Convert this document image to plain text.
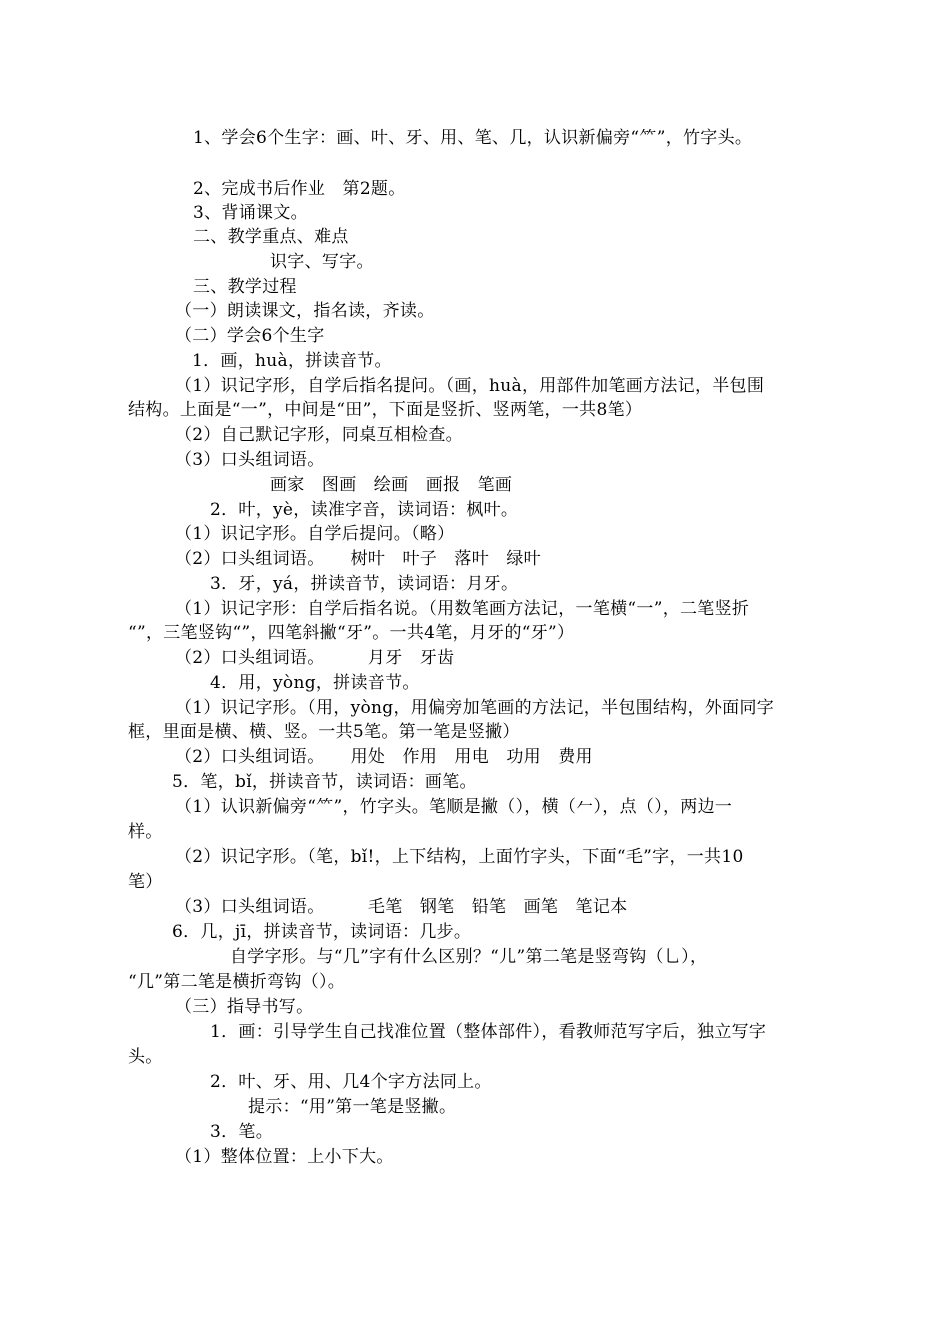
1、学会6个生字：画、叶、牙、用、笔、几，认识新偏旁“⺮”，竹字头。
2、完成书后作业　第2题。
3、背诵课文。
二、教学重点、难点
识字、写字。
三、教学过程
（一）朗读课文，指名读，齐读。
（二）学会6个生字
1．画，huà，拼读音节。
（1）识记字形，自学后指名提问。（画，huà，用部件加笔画方法记，半包围
结构。上面是“一”，中间是“田”，下面是竖折、竖两笔，一共8笔）
（2）自己默记字形，同桌互相检查。
（3）口头组词语。
画家　图画　绘画　画报　笔画
2．叶，yè，读准字音，读词语：枫叶。
（1）识记字形。自学后提问。（略）
（2）口头组词语。　　树叶　叶子　落叶　绿叶
3．牙，yá，拼读音节，读词语：月牙。
（1）识记字形：自学后指名说。（用数笔画方法记，一笔横“一”，二笔竖折
“”，三笔竖钩“”，四笔斜撇“牙”。一共4笔，月牙的“牙”）
（2）口头组词语。　　　月牙　牙齿
4．用，yòng，拼读音节。
（1）识记字形。（用，yòng，用偏旁加笔画的方法记，半包围结构，外面同字
框，里面是横、横、竖。一共5笔。第一笔是竖撇）
（2）口头组词语。　　用处　作用　用电　功用　费用
5．笔，bǐ，拼读音节，读词语：画笔。
（1）认识新偏旁“⺮”，竹字头。笔顺是撇（），横（𠂉），点（），两边一
样。
（2）识记字形。（笔，bǐ!，上下结构，上面竹字头，下面“毛”字，一共10
笔）
（3）口头组词语。　　　毛笔　钢笔　铅笔　画笔　笔记本
6．几，jī，拼读音节，读词语：几步。
自学字形。与“几”字有什么区别？“儿”第二笔是竖弯钩（乚），
“几”第二笔是横折弯钩（）。
（三）指导书写。
1．画：引导学生自己找准位置（整体部件），看教师范写字后，独立写字
头。
2．叶、牙、用、几4个字方法同上。
提示：“用”第一笔是竖撇。
3．笔。
（1）整体位置：上小下大。
